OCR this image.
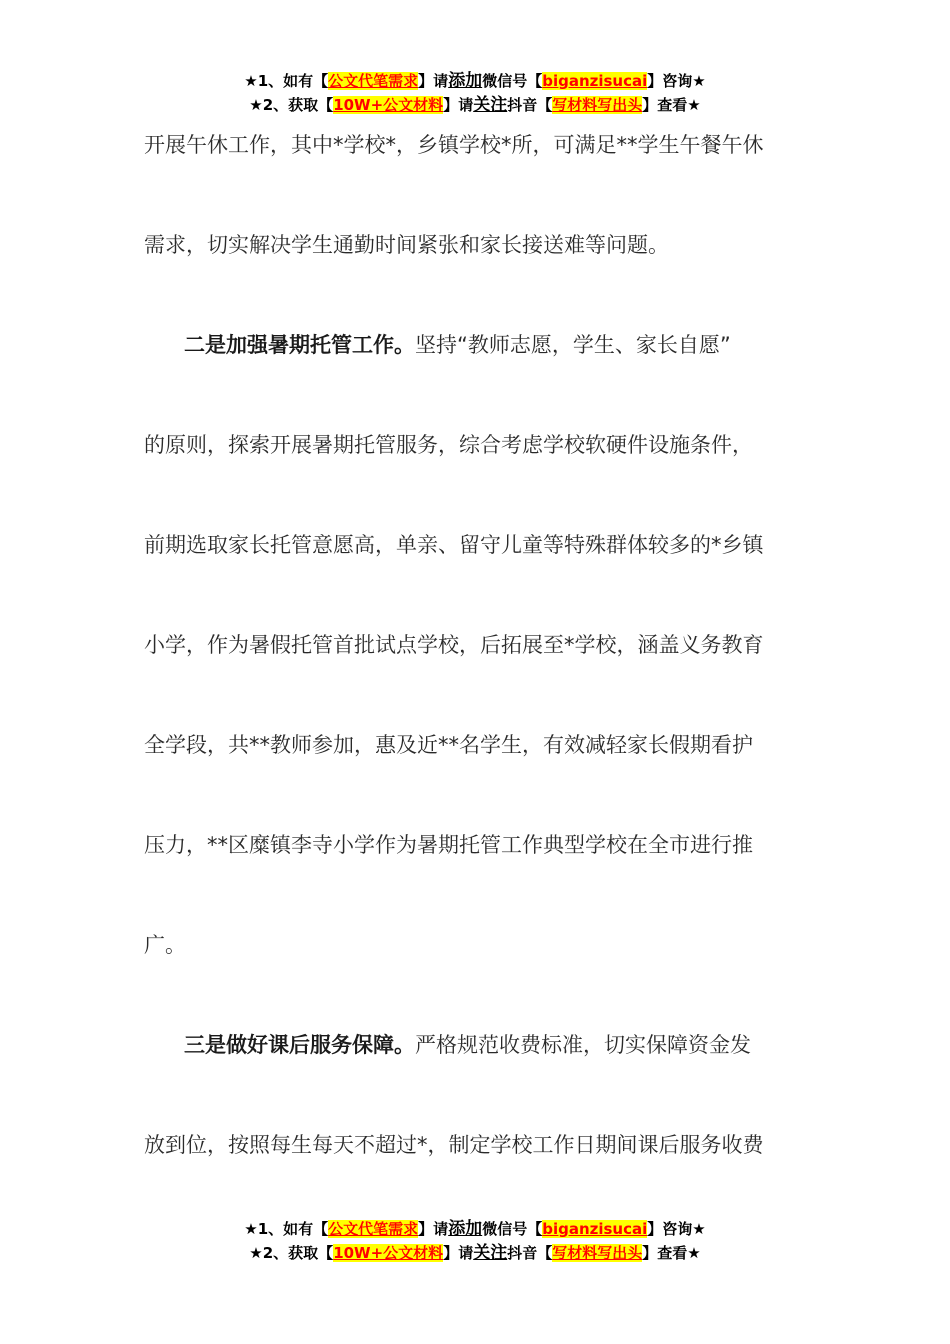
★1、如有【公文代笔需求】请添加微信号【biganzisucai】咨询★
★2、获取【10W+公文材料】请关注抖音【写材料写出头】查看★
开展午休工作，其中*学校*，乡镇学校*所，可满足**学生午餐午休
需求，切实解决学生通勤时间紧张和家长接送难等问题。
二是加强暑期托管工作。坚持“教师志愿，学生、家长自愿”
的原则，探索开展暑期托管服务，综合考虑学校软硬件设施条件，
前期选取家长托管意愿高，单亲、留守儿童等特殊群体较多的*乡镇
小学，作为暑假托管首批试点学校，后拓展至*学校，涵盖义务教育
全学段，共**教师参加，惠及近**名学生，有效减轻家长假期看护
压力，**区糜镇李寺小学作为暑期托管工作典型学校在全市进行推
广。
三是做好课后服务保障。严格规范收费标准，切实保障资金发
放到位，按照每生每天不超过*，制定学校工作日期间课后服务收费
★1、如有【公文代笔需求】请添加微信号【biganzisucai】咨询★
★2、获取【10W+公文材料】请关注抖音【写材料写出头】查看★
